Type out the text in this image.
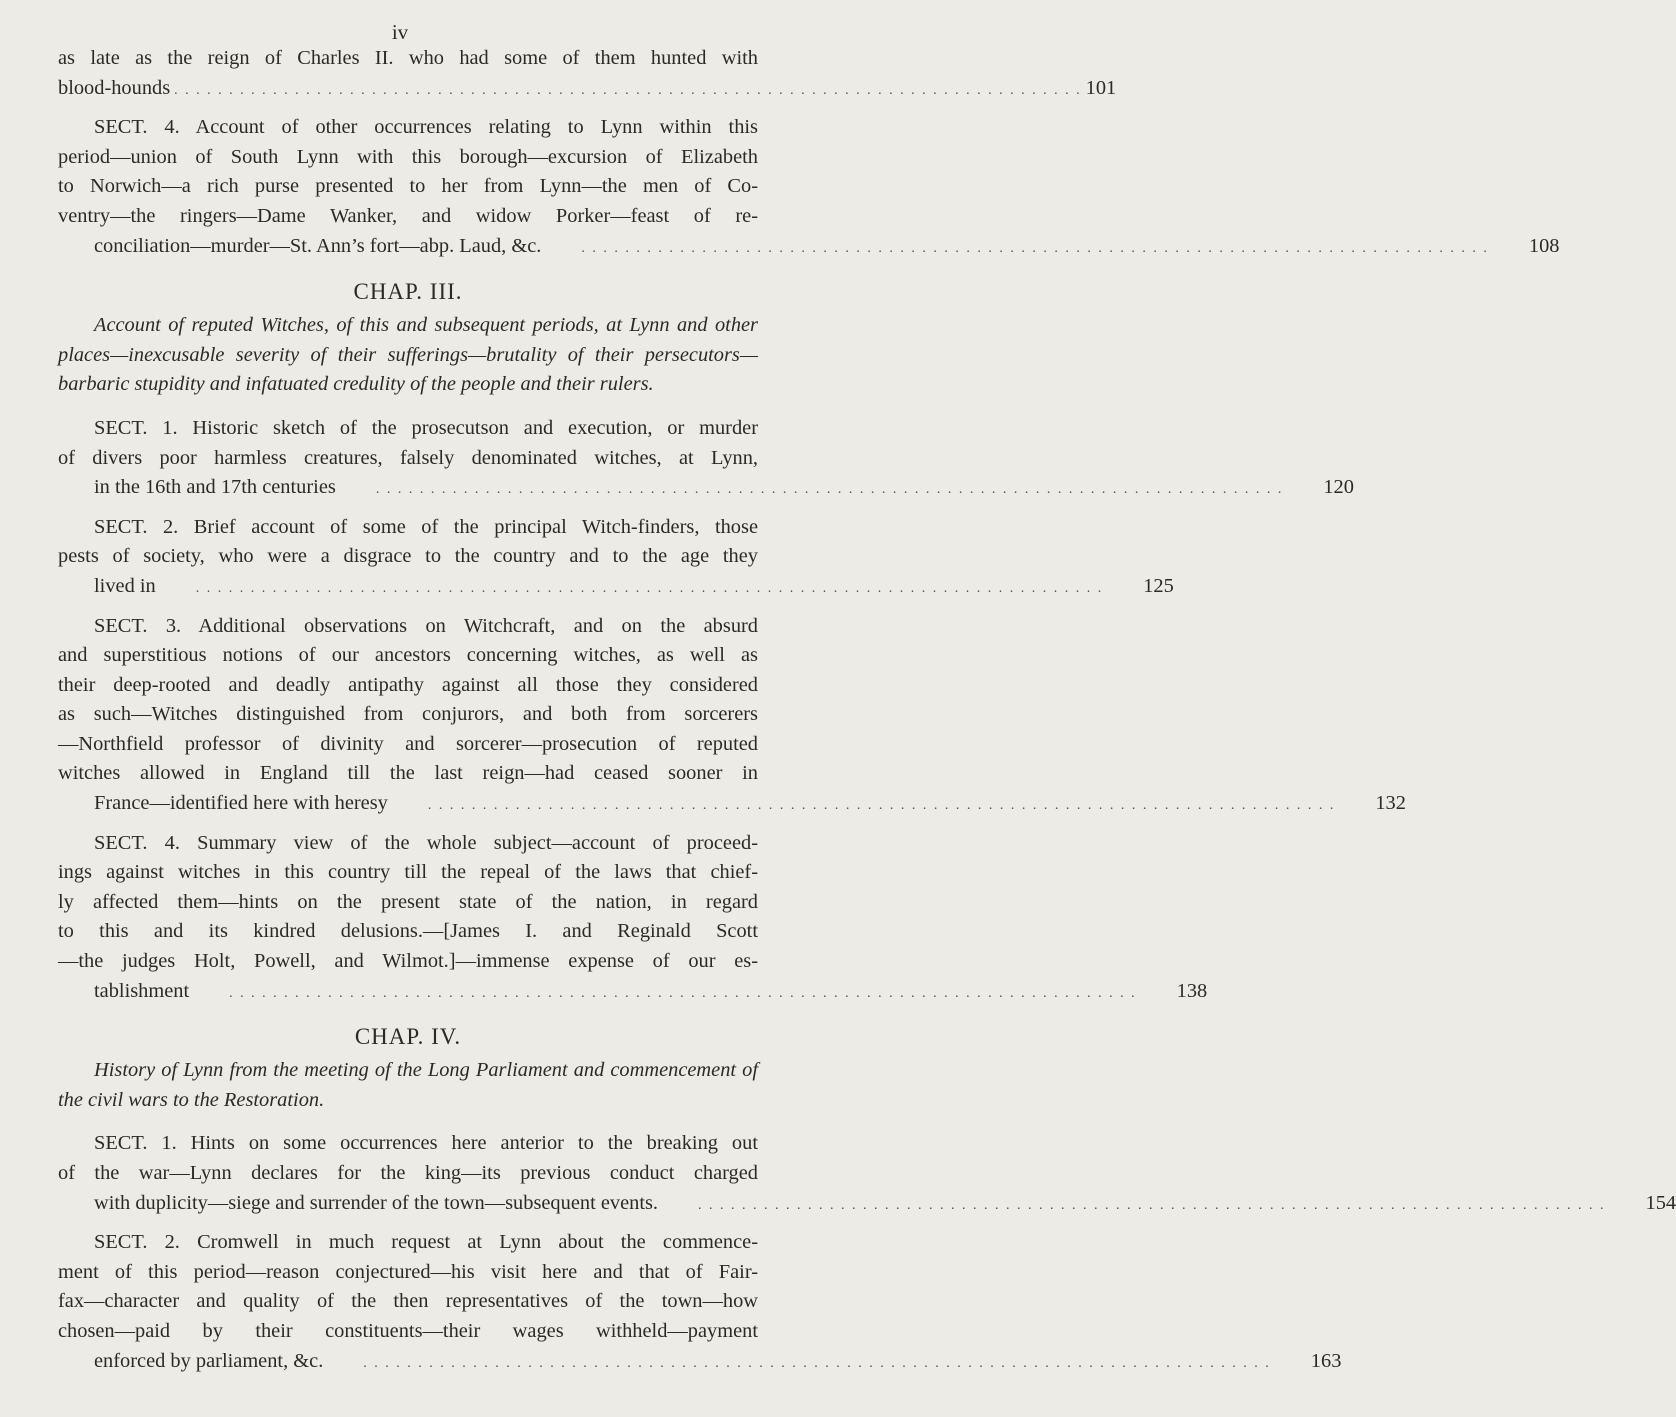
iv
as late as the reign of Charles II. who had some of them hunted with
blood-hounds . . . . . . . . . . . . . . . . . . . . . . . . . . . . . . . . . . . . . . . . . . . . . . . . . . . . . . . . . . . . . . . . . . . . . . . . . . . . . . . . . . . 101
SECT. 4. Account of other occurrences relating to Lynn within this
period—union of South Lynn with this borough—excursion of Elizabeth
to Norwich—a rich purse presented to her from Lynn—the men of Co-
ventry—the ringers—Dame Wanker, and widow Porker—feast of re-
conciliation—murder—St. Ann’s fort—abp. Laud, &c.	. . . . . . . . . . . . . . . . . . . . . . . . . . . . . . . . . . . . . . . . . . . . . . . . . . . . . . . . . . . . . . . . . . . . . . . . . . . . . . . . . . .	108
CHAP. III.

Account of reputed Witches, of this and subsequent periods, at Lynn and other places—inexcusable severity of their sufferings—brutality of their persecutors—barbaric stupidity and infatuated credulity of the people and their rulers.

SECT. 1. Historic sketch of the prosecutson and execution, or murder
of divers poor harmless creatures, falsely denominated witches, at Lynn,
in the 16th and 17th centuries	. . . . . . . . . . . . . . . . . . . . . . . . . . . . . . . . . . . . . . . . . . . . . . . . . . . . . . . . . . . . . . . . . . . . . . . . . . . . . . . . . . .	120
SECT. 2. Brief account of some of the principal Witch-finders, those
pests of society, who were a disgrace to the country and to the age they
lived in	. . . . . . . . . . . . . . . . . . . . . . . . . . . . . . . . . . . . . . . . . . . . . . . . . . . . . . . . . . . . . . . . . . . . . . . . . . . . . . . . . . .	125
SECT. 3. Additional observations on Witchcraft, and on the absurd
and superstitious notions of our ancestors concerning witches, as well as
their deep-rooted and deadly antipathy against all those they considered
as such—Witches distinguished from conjurors, and both from sorcerers
—Northfield professor of divinity and sorcerer—prosecution of reputed
witches allowed in England till the last reign—had ceased sooner in
France—identified here with heresy	. . . . . . . . . . . . . . . . . . . . . . . . . . . . . . . . . . . . . . . . . . . . . . . . . . . . . . . . . . . . . . . . . . . . . . . . . . . . . . . . . . .	132
SECT. 4. Summary view of the whole subject—account of proceed-
ings against witches in this country till the repeal of the laws that chief-
ly affected them—hints on the present state of the nation, in regard
to this and its kindred delusions.—[James I. and Reginald Scott
—the judges Holt, Powell, and Wilmot.]—immense expense of our es-
tablishment	. . . . . . . . . . . . . . . . . . . . . . . . . . . . . . . . . . . . . . . . . . . . . . . . . . . . . . . . . . . . . . . . . . . . . . . . . . . . . . . . . . .	138
CHAP. IV.

History of Lynn from the meeting of the Long Parliament and commencement of the civil wars to the Restoration.

SECT. 1. Hints on some occurrences here anterior to the breaking out
of the war—Lynn declares for the king—its previous conduct charged
with duplicity—siege and surrender of the town—subsequent events.	. . . . . . . . . . . . . . . . . . . . . . . . . . . . . . . . . . . . . . . . . . . . . . . . . . . . . . . . . . . . . . . . . . . . . . . . . . . . . . . . . . .	154
SECT. 2. Cromwell in much request at Lynn about the commence-
ment of this period—reason conjectured—his visit here and that of Fair-
fax—character and quality of the then representatives of the town—how
chosen—paid by their constituents—their wages withheld—payment
enforced by parliament, &c.	. . . . . . . . . . . . . . . . . . . . . . . . . . . . . . . . . . . . . . . . . . . . . . . . . . . . . . . . . . . . . . . . . . . . . . . . . . . . . . . . . . .	163
